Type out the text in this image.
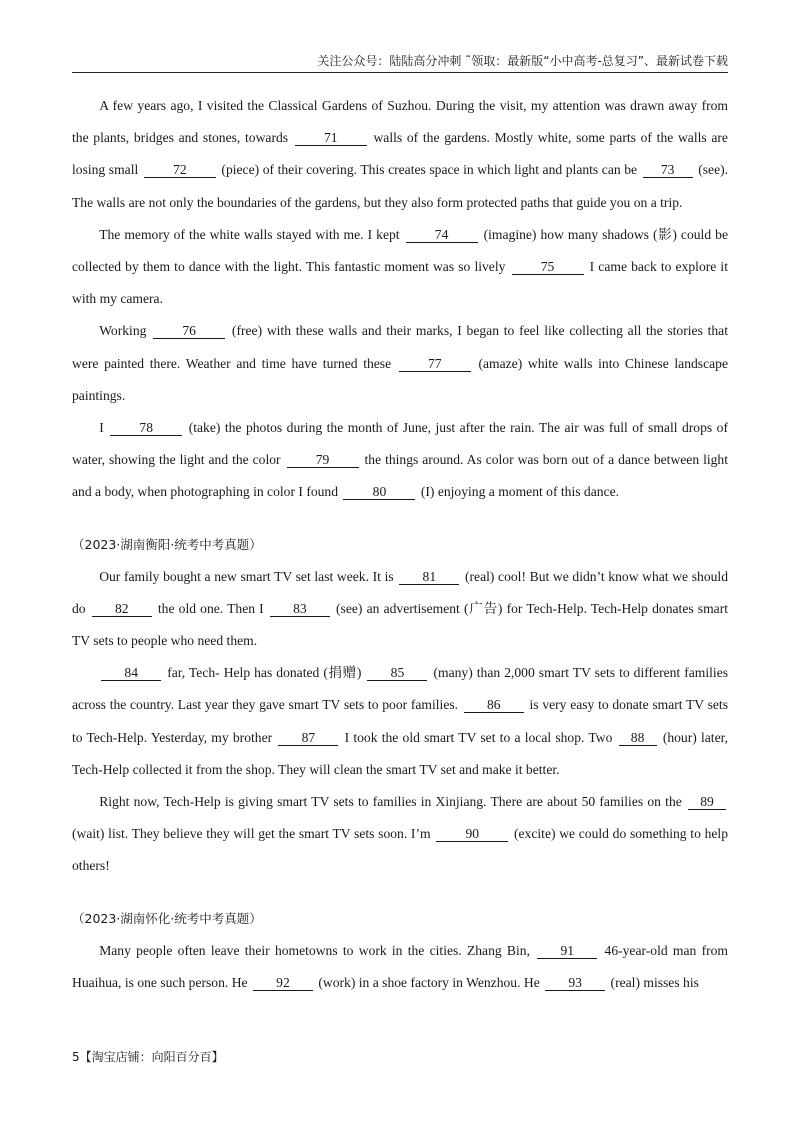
关注公众号：陆陆高分冲刺 ˜领取：最新版“小中高考-总复习”、最新试卷下载

A few years ago, I visited the Classical Gardens of Suzhou. During the visit, my attention was drawn away from the plants, bridges and stones, towards	71	walls of the gardens. Mostly white, some parts of the walls are losing small	72	(piece) of their covering. This creates space in which light and plants can be 73 (see). The walls are not only the boundaries of the gardens, but they also form protected paths that guide you on a trip.

The memory of the white walls stayed with me. I kept	74	(imagine) how many shadows (影) could be collected by them to dance with the light. This fantastic moment was so lively	75	I came back to explore it with my camera.

Working	76	(free) with these walls and their marks, I began to feel like collecting all the stories that were painted there. Weather and time have turned these	77	(amaze) white walls into Chinese landscape paintings.

I	78	(take) the photos during the month of June, just after the rain. The air was full of small drops of water, showing the light and the color	79	the things around. As color was born out of a dance between light and a body, when photographing in color I found	80	(I) enjoying a moment of this dance.

（2023·湖南衡阳·统考中考真题）

Our family bought a new smart TV set last week. It is 81 (real) cool! But we didn’t know what we should do 82 the old one. Then I 83 (see) an advertisement (广告) for Tech-Help. Tech-Help donates smart TV sets to people who need them.

84 far, Tech- Help has donated (捐赠) 85 (many) than 2,000 smart TV sets to different families across the country. Last year they gave smart TV sets to poor families. 86 is very easy to donate smart TV sets to Tech-Help. Yesterday, my brother 87 I took the old smart TV set to a local shop. Two 88 (hour) later, Tech-Help collected it from the shop. They will clean the smart TV set and make it better.

Right now, Tech-Help is giving smart TV sets to families in Xinjiang. There are about 50 families on the 89 (wait) list. They believe they will get the smart TV sets soon. I’m	90	(excite) we could do something to help others!

（2023·湖南怀化·统考中考真题）

Many people often leave their hometowns to work in the cities. Zhang Bin, 91 46-year-old man from Huaihua, is one such person. He 92 (work) in a shoe factory in Wenzhou. He 93 (real) misses his

5【淘宝店铺：向阳百分百】
